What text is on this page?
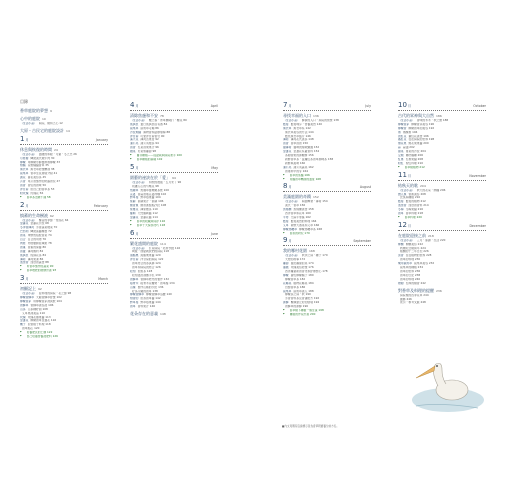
目錄
香草庭院的夢想 9
心中的庭院 10
〔生活小品〕 庭院、樹和之心 12
大原・古民宅的庭院設計 14
1 月	January
休息與恢復的時間 24
〔生活小品〕 溫暖的和睦・月暈・冬之志 26
月桂樹 傳統美式燉牛肉 30
檸檬 用檸檬水靜置將薑檸檬 33
柑橘 煮柑橘醬香草 35
薰衣草 薰衣草紓緩精油 38
鼠尾草 香草生長環境介紹 41
黃花 黃花美容茶 45
芸香 用芸香製作的防蟲香包 47
茴香 香包的香味 50
洋甘菊 給自己的香草茶 53
粉玫瑰 玫瑰花 56
◆ 香草茶治療不適 58
2 月	February
慎蓄的生命樹液 62
〔生活小品〕 擊音的季節・雪落花 64
金蓮花 金蓮花沙拉 68
冬季香薄荷 芳香蔬菜燉菜 70
巴西利 傳統蛋醬麵食 72
香菜 烤鮮魚搭配香菜 74
百合 百合的用途 76
肉桂 肉桂雞腿佐蘋果 78
香堇 香堇的保養 80
茴藿 薄荷酸奶 82
琉璃苣 琉璃花茶 84
薄荷 薄荷果凍 86
迷迭香 迷迭香蔬食 88
◆ 用香草製作的蔬菜 90
◆ 香草堆肥的發酵計畫 93
3 月	March
初顯記上 92
〔生活小品〕 從料理的庭院・花之節 98
檸檬香蜂草 天麗香蜂草紓緩 102
檸檬香茅 用檸檬香茅清爽飲 104
香蜂草 香蜂草美容液 106
山茶 山茶種籽油 108
艾草果凍美品 110
玫瑰 玫瑰花瓣果醬 113
金盞花 檸檬香草金盞花 116
橄子 泡香植子料理 118
香草點心 120
◆ 培養肥沃的土壤 122
◆ 自己培養營養液肥料 126
4 月	April
清除焦慮和不安 78
〔生活小品〕 櫻之春・青草蘭時打・櫻花 80
琉璃苣 夏日琉璃苣搭有酒 84
鼠尾草 鼠尾草寺廟 86
沙拉地榆 萬物香如話療瓊梅 88
洋甘菊 可愛洋甘菊香皂 90
漆大花 薄荷苦果膏 92
蒲公英 蒲公英根茶 94
茴香 紅菜茴果果汁 96
雜菜 好菜匙蘿蔔 98
◆ 播芽種植——從盆栽與庭院著手 100
◆ 香草種植的基礎 102
5 月	May
園藝的祕訣在於「愛」 94
〔生活小品〕 和煦的微風・五月末了 96
玩讓人心的芍藥花 98
魚腥草 魚腥草當藥藥茶飲 100
芫荽 香蒜香葉芫荽拌麵 102
野草莓 野草莓果醬 104
紫蘇 紫蘇果汁・紫蘇 106
細香蔥 細香蔥裝點沙拉 108
紫錐花 薄紫錐茶 110
羅勒 天然羅勒醬 112
金蓮花 金蓮花醬 114
◆ 香草的收藏與保存 116
◆ 香草十大保存技巧 118
6 月	June
繁花盛開的庭院 114
〔生活小品〕 打造庭院・培育零錢 116
夠成・他隨就我們的庭院 118
黑醋栗 黑醋栗果醬 120
洋甘菊 洋甘菊的庭院 122
香草結合的冰淇淋 124
香草和庭院的結合 126
松柏 松柏茶 128
松柏浸泡油護手乳 130
香蜂草 香蜂草肥皂的製作 132
接骨木 接骨木花糖漿・香草醋 134
山楂 製作山楂的沙拉 136
好茶冷藏的香草 138
檸檬香蜂草 檸檬香蜂草浴鹽 140
柑香的 給蒸香草醬 142
野草莓 野草莓果醬 144
香草 香料果汁 146
花朵存在的意義 148
7 月	July
尋找幸福的入口 136
〔生活小品〕 蜂蜜的入口・庭院的智慧 138
藍莓 藍莓瑪芬・營養美食 140
薰衣草 薰衣草系 142
薰衣草美容的方法 144
藍色薰衣草貼片 146
薄荷 薄荷花式美茶 148
茴香 香草茴香 150
貓薄荷 貓咪的遊戲樂園 152
金盞花 金盞花系蓋香料 154
茶樹香果的蜜糖餅 156
新鮮香草茶・菠蘿紅茶香草調味茶 158
新鮮與美味 160
蒲公英 蒲公英蔬菜 162
香葉料中的芽 164
◆ 香草的蒸餾 166
◆ 蒸餾香草精油的溫度 168
8 月	August
美滿庭園的奇蹟 152
〔生活小品〕 庭園舞會・薄荷 154
美式・香草 156
馬郁蘭 馬郁蘭美食 158
西洋香草和花草 160
牛蒡 芝麻牛蒡絲 162
藍莓 藍莓美食的料理 164
艾草 新鮮大酒菜和艾草 166
檸檬馬鞭草 檸檬馬鞭草茶 168
◆ 香氛的研究 170
9 月	September
我的哪村花園 168
〔生活小品〕 秋季之庭・種子 170
天燈的故事 172
蘿蔔 蕾拉蘿蔔泡菜 174
薔薇 玫瑰美容紓緩 176
西洋蘿蔔新香香化和紓療愈心 178
檸檬 黃色檸檬橘子 180
檸檬香草茶 182
花椰菜 植物花椰菜 184
自製香草茶 186
鼠尾草 鼠尾草美人 188
檸檬茶之庭・秋 190
芳香香料茶及香蒲配方 192
蜜蜂 幫蜂建立好的環境 194
香蜂草的蜜蜂 196
◆ 香草樹下種植一個生蛋 198
◆ 種植的作家計畫 200
10 月	October
古代的眾神與大自然 186
〔生活小品〕 香味的木木・秋之旅 188
檸檬香茅 檸檬香茅美容 190
檸檬香 檸檬香草的美容 192
薑 薑醃薑 194
香紅花 蕃紅花美食 196
番紅花 在在庭院的世界 198
無花果 無花果果醬 200
蒜 蒜頭 202
甜菜 甜菜的沙拉 204
豆類 種籽播種 206
紅薑 紅薑果醬 208
粉紅 粉紅料理 210
◆ 香草樹植物 212
11 月	November
結秋天的歌 204
〔生活小品〕 秋天的花朵・開播 206
旅人蕉 香蕉美容 208
比蒸庭種植 210
藍莓 藍莓的植物 212
迷迭香 迷迭香香料 214
冬梅 冬梅果醬 216
香草 香草料理 218
◆ 香草料理 220
12 月	December
在庭院迎接之前 218
〔生活小品〕 三月・耶誕・生活 220
柳蘭 柳蘭美容 222
秋楊紀念樹賀年 224
植蘭的十二年日記 226
雲香 在在植物的世界 228
香草的料理 230
藥用鼠尾草 鼠尾草美容 232
鼠尾草的種植 234
香草的世界 236
香草的日記 238
香草的料理 240
檀樹 紅棒的樹香 242
對香草及料理的提醒 236
庭院裡的四季花草 244
園藝 246
索引・參考文獻 248
■內文頁碼有底線標示者為香草研磨養分處方名。
